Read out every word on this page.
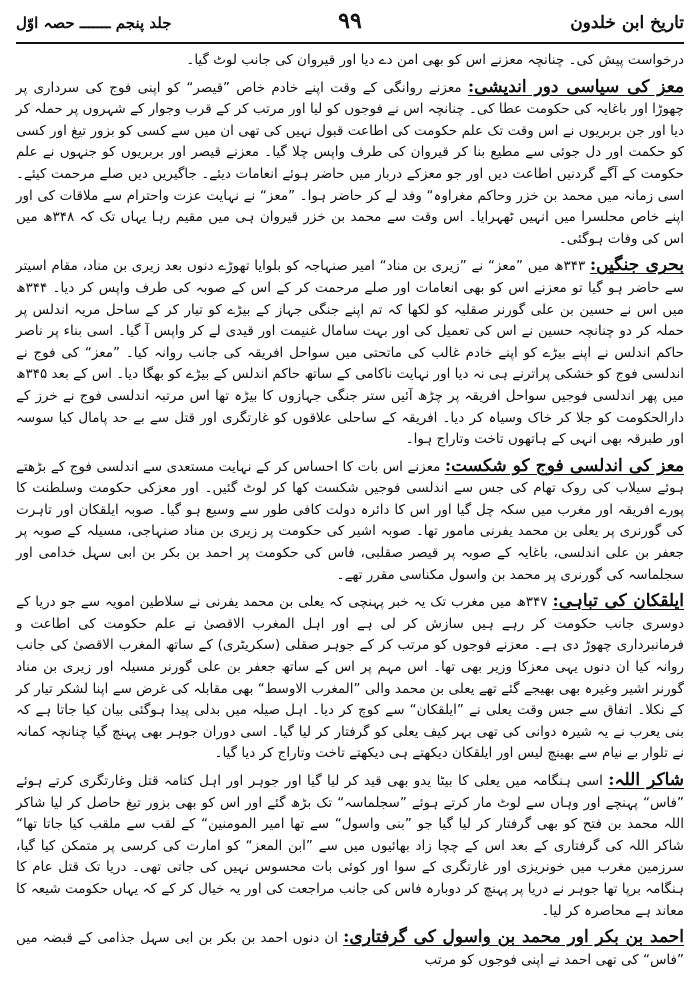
تاریخ ابن خلدون
۹۹
جلد پنجم ـــــــ حصہ اوّل

درخواست پیش کی۔ چنانچہ معزنے اس کو بھی امن دے دیا اور قیروان کی جانب لوٹ گیا۔

معز کی سیاسی دور اندیشی: معزنے روانگی کے وقت اپنے خادم خاص ”قیصر“ کو اپنی فوج کی سرداری پر چھوڑا اور باغایہ کی حکومت عطا کی۔ چنانچہ اس نے فوجوں کو لیا اور مرتب کر کے قرب وجوار کے شہروں پر حملہ کر دیا اور جن بربریوں نے اس وقت تک علم حکومت کی اطاعت قبول نہیں کی تھی ان میں سے کسی کو بزور تیغ اور کسی کو حکمت اور دل جوئی سے مطیع بنا کر قیروان کی طرف واپس چلا گیا۔ معزنے قیصر اور بربریوں کو جنہوں نے علم حکومت کے آگے گردنیں اطاعت دیں اور جو معزکے دربار میں حاضر ہوئے انعامات دیئے۔ جاگیریں دیں صلے مرحمت کیئے۔ اسی زمانہ میں محمد بن خزر وحاکم مغراوہ“ وفد لے کر حاضر ہوا۔ ”معز“ نے نہایت عزت واحترام سے ملاقات کی اور اپنے خاص محلسرا میں انہیں ٹھہرایا۔ اس وقت سے محمد بن خزر قیروان ہی میں مقیم رہا یہاں تک کہ ۳۴۸ھ میں اس کی وفات ہوگئی۔

بحری جنگیں: ۳۴۳ھ میں ”معز“ نے ”زیری بن مناد“ امیر صنہاجہ کو بلوایا تھوڑے دنوں بعد زیری بن مناد، مقام اسیتر سے حاضر ہو گیا تو معزنے اس کو بھی انعامات اور صلے مرحمت کر کے اس کے صوبہ کی طرف واپس کر دیا۔ ۳۴۴ھ میں اس نے حسین بن علی گورنر صقلیہ کو لکھا کہ تم اپنے جنگی جہاز کے بیڑے کو تیار کر کے ساحل مریہ اندلس پر حملہ کر دو چنانچہ حسین نے اس کی تعمیل کی اور بہت سامال غنیمت اور قیدی لے کر واپس آ گیا۔ اسی بناء پر ناصر حاکم اندلس نے اپنے بیڑے کو اپنے خادم غالب کی ماتحتی میں سواحل افریقہ کی جانب روانہ کیا۔ ”معز“ کی فوج نے اندلسی فوج کو خشکی پراترنے ہی نہ دیا اور نہایت ناکامی کے ساتھ حاکم اندلس کے بیڑے کو بھگا دیا۔ اس کے بعد ۳۴۵ھ میں پھر اندلسی فوجیں سواحل افریقہ پر چڑھ آئیں ستر جنگی جہازوں کا بیڑہ تھا اس مرتبہ اندلسی فوج نے خرز کے دارالحکومت کو جلا کر خاک وسیاہ کر دیا۔ افریقہ کے ساحلی علاقوں کو غارتگری اور قتل سے بے حد پامال کیا سوسہ اور طبرقہ بھی انہی کے ہاتھوں تاخت وتاراج ہوا۔

معز کی اندلسی فوج کو شکست: معزنے اس بات کا احساس کر کے نہایت مستعدی سے اندلسی فوج کے بڑھتے ہوئے سیلاب کی روک تھام کی جس سے اندلسی فوجیں شکست کھا کر لوٹ گئیں۔ اور معزکی حکومت وسلطنت کا پورے افریقہ اور مغرب میں سکہ چل گیا اور اس کا دائرہ دولت کافی طور سے وسیع ہو گیا۔ صوبہ ایلقکان اور تاہرت کی گورنری پر یعلی بن محمد یفرنی مامور تھا۔ صوبہ اشیر کی حکومت پر زیری بن مناد صنہاجی، مسیلہ کے صوبہ پر جعفر بن علی اندلسی، باغایہ کے صوبہ پر قیصر صقلبی، فاس کی حکومت پر احمد بن بکر بن ابی سہل خدامی اور سجلماسہ کی گورنری پر محمد بن واسول مکناسی مقرر تھے۔

ایلقکان کی تباہی: ۳۴۷ھ میں مغرب تک یہ خبر پہنچی کہ یعلی بن محمد یفرنی نے سلاطین امویہ سے جو دریا کے دوسری جانب حکومت کر رہے ہیں سازش کر لی ہے اور اہل المغرب الاقصیٰ نے علم حکومت کی اطاعت و فرمانبرداری چھوڑ دی ہے۔ معزنے فوجوں کو مرتب کر کے جوہر صقلی (سکریٹری) کے ساتھ المغرب الاقصیٰ کی جانب روانہ کیا ان دنوں یہی معزکا وزیر بھی تھا۔ اس مہم پر اس کے ساتھ جعفر بن علی گورنر مسیلہ اور زیری بن مناد گورنر اشیر وغیرہ بھی بھیجے گئے تھے یعلی بن محمد والی ”المغرب الاوسط“ بھی مقابلہ کی غرض سے اپنا لشکر تیار کر کے نکلا۔ اتفاق سے جس وقت یعلی نے ”ایلقکان“ سے کوچ کر دیا۔ اہل صیلہ میں بدلی پیدا ہوگئی بیان کیا جاتا ہے کہ بنی یعرب نے یہ شیرہ دوانی کی تھی بہر کیف یعلی کو گرفتار کر لیا گیا۔ اسی دوران جوہر بھی پہنچ گیا چنانچہ کمانہ نے تلوار بے نیام سے بھینچ لیس اور ایلقکان دیکھتے ہی دیکھتے تاخت وتاراج کر دیا گیا۔

شاکر اللہ: اسی ہنگامہ میں یعلی کا بیٹا یدو بھی قید کر لیا گیا اور جوہر اور اہل کتامہ قتل وغارتگری کرتے ہوئے ”فاس“ پہنچے اور وہاں سے لوٹ مار کرتے ہوئے ”سجلماسہ“ تک بڑھ گئے اور اس کو بھی بزور تیغ حاصل کر لیا شاکر اللہ محمد بن فتح کو بھی گرفتار کر لیا گیا جو ”بنی واسول“ سے تھا امیر المومنین“ کے لقب سے ملقب کیا جاتا تھا“ شاکر اللہ کی گرفتاری کے بعد اس کے چچا زاد بھائیوں میں سے ”ابن المعز“ کو امارت کی کرسی پر متمکن کیا گیا، سرزمین مغرب میں خونریزی اور غارتگری کے سوا اور کوئی بات محسوس نہیں کی جاتی تھی۔ دریا تک قتل عام کا ہنگامہ برپا تھا جوہر نے دریا پر پہنچ کر دوبارہ فاس کی جانب مراجعت کی اور یہ خیال کر کے کہ یہاں حکومت شیعہ کا معاند ہے محاصرہ کر لیا۔

احمد بن بکر اور محمد بن واسول کی گرفتاری: ان دنوں احمد بن بکر بن ابی سہل جذامی کے قبضہ میں ”فاس“ کی تھی احمد نے اپنی فوجوں کو مرتب
